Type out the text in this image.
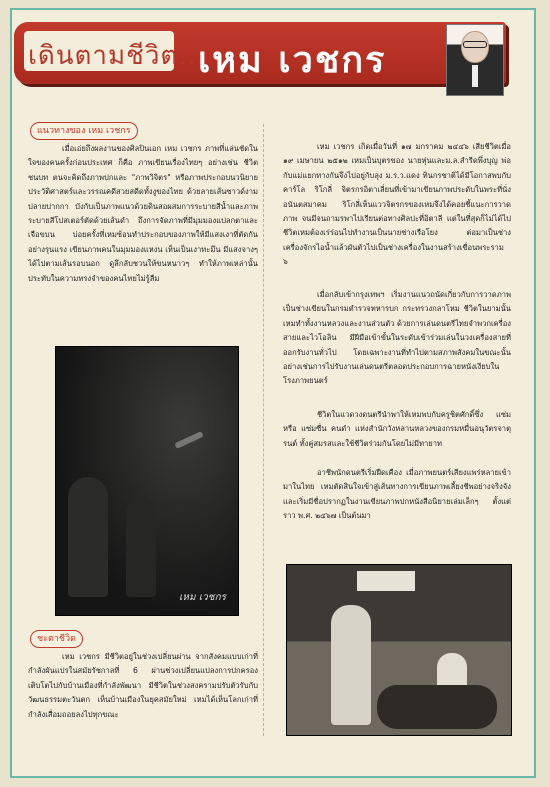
เดินตามชีวิต...
เหม เวชกร
แนวทางของ เหม เวชกร
เมื่อเอ่ยถึงผลงานของศิลปินเอก เหม เวชกร ภาพที่แล่นชัดในใจของคนครั้งก่อนประเทศ ก็คือ ภาพเขียนเรื่องไทยๆ อย่างเช่น ชีวิตชนบท ตนจะคิดถึงภาพปกและ "ภาพวิจิตร" หรือภาพประกอบนวนิยาย ประวัติศาสตร์และวรรณคดีสวยสดีดทั้งงูของไทย ด้วยลายเส้นซาวด์งามปลายปากกา บังกับเป็นภาพแนวด้วยดินสอผสมการระบายสีน้ำและภาพระบายสีโปสเตอร์ตัดด้วยเส้นดำ ถึงการจัดภาพที่มีมุมมองแปลกตาและเจือขบน บ่อยครั้งที่เหมซ้อนทำประกอบของภาพให้มีแสงเงาที่ตัดกันอย่างรุนแรง เขียนภาพคนในมุมมองแหงน เห็นเป็นเงาทะมึน มีแสงจางๆ ได้ไปตามเส้นรอบนอก ดูลึกลับชวนให้ขนหนาวๆ ทำให้ภาพเหล่านั้นประทับในความทรงจำของคนไทยไม่รู้ลืม
เหม เวชกร
ชะตาชีวิต
เหม เวชกร มีชีวิตอยู่ในช่วงเปลี่ยนผ่าน จากสังคมแบบเก่าที่กำลังผันแปรในสมัยรัชกาลที่ 6 ผ่านช่วงเปลี่ยนแปลงการปกครอง เติบโตไปกับบ้านเมืองที่กำลังพัฒนา มีชีวิตในช่วงสงครามปรับตัวรับกับวัฒนธรรมตะวันตก เห็นบ้านเมืองในยุคสมัยใหม่ เหมได้เห็นโลกเก่าที่กำลังเสื่อมถอยลงไปทุกขณะ
เหม เวชกร เกิดเมื่อวันที่ ๑๗ มกราคม ๒๔๔๖ เสียชีวิตเมื่อ ๑๙ เมษายน ๒๕๑๒ เหมเป็นบุตรของ นายหุ่นและม.ล.สำรีดพึ่งบุญ พ่อกับแม่แยกทางกันจึงไปอยู่กับลุง ม.ร.ว.แดง ทินกรชาติได้มีโอกาสพบกับ คาร์โล ริโกลี่ จิตรกรอิตาเลี่ยนที่เข้ามาเขียนภาพประดับในพระที่นั่งอนันตสมาคม ริโกลี่เห็นแววจิตรกรของเหมจึงได้คอยชี้แนะการวาดภาพ จนมีจนถามรพาไปเรียนต่อทางศิลปะที่อิตาลี แต่ในที่สุดก็ไม่ได้ไป ชีวิตเหมต้องเร่ร่อนไปทำงานเป็นนายช่างเรือโยง ต่อมาเป็นช่างเครื่องจักรไอน้ำแล้วผันตัวไปเป็นช่างเครื่องในงานสร้างเขื่อนพระราม ๖
เมื่อกลับเข้ากรุงเทพฯ เริ่มงานแนวถนัดเกี่ยวกับการวาดภาพ เป็นช่างเขียนในกรมตำรวจทหารบก กระทรวงกลาโหม ชีวิตในยามนั้น เหมทำทั้งงานหลวงและงานส่วนตัว ด้วยการเล่นดนตรีไทยจำพวกเครื่องสายและไวโอลิน มีฝีมือเข้าขั้นในระดับเข้าร่วมเล่นในวงเครื่องสายที่ออกรับงานทั่วไป โดยเฉพาะงานที่ทำไปตามสภาพสังคมในขณะนั้น อย่างเช่นการไปรับงานเล่นดนตรีตลอดประกอบการฉายหนังเงียบในโรงภาพยนตร์
ชีวิตในแวดวงดนตรีนำพาให้เหมพบกับครูชิตศักดิ์ซึ่ง แซ่ม หรือ แซ่มซื่น คนดำ แห่งสำนักวังหลานหลวงของกรมหมื่นอนุวัตรจาตุรนต์ ทั้งคู่สมรสและใช้ชีวิตร่วมกันโดยไม่มีทายาท
อาชีพนักดนตรีเริ่มฝืดเคือง เมื่อภาพยนตร์เสียงแพร่หลายเข้ามาในไทย เหมตัดสินใจเข้าสู่เส้นทางการเขียนภาพเลี้ยงชีพอย่างจริงจัง และเริ่มมีชื่อปรากฏในงานเขียนภาพปกหนังสือนิยายเล่มเล็กๆ ตั้งแต่ราว พ.ศ. ๒๔๖๗ เป็นต้นมา
